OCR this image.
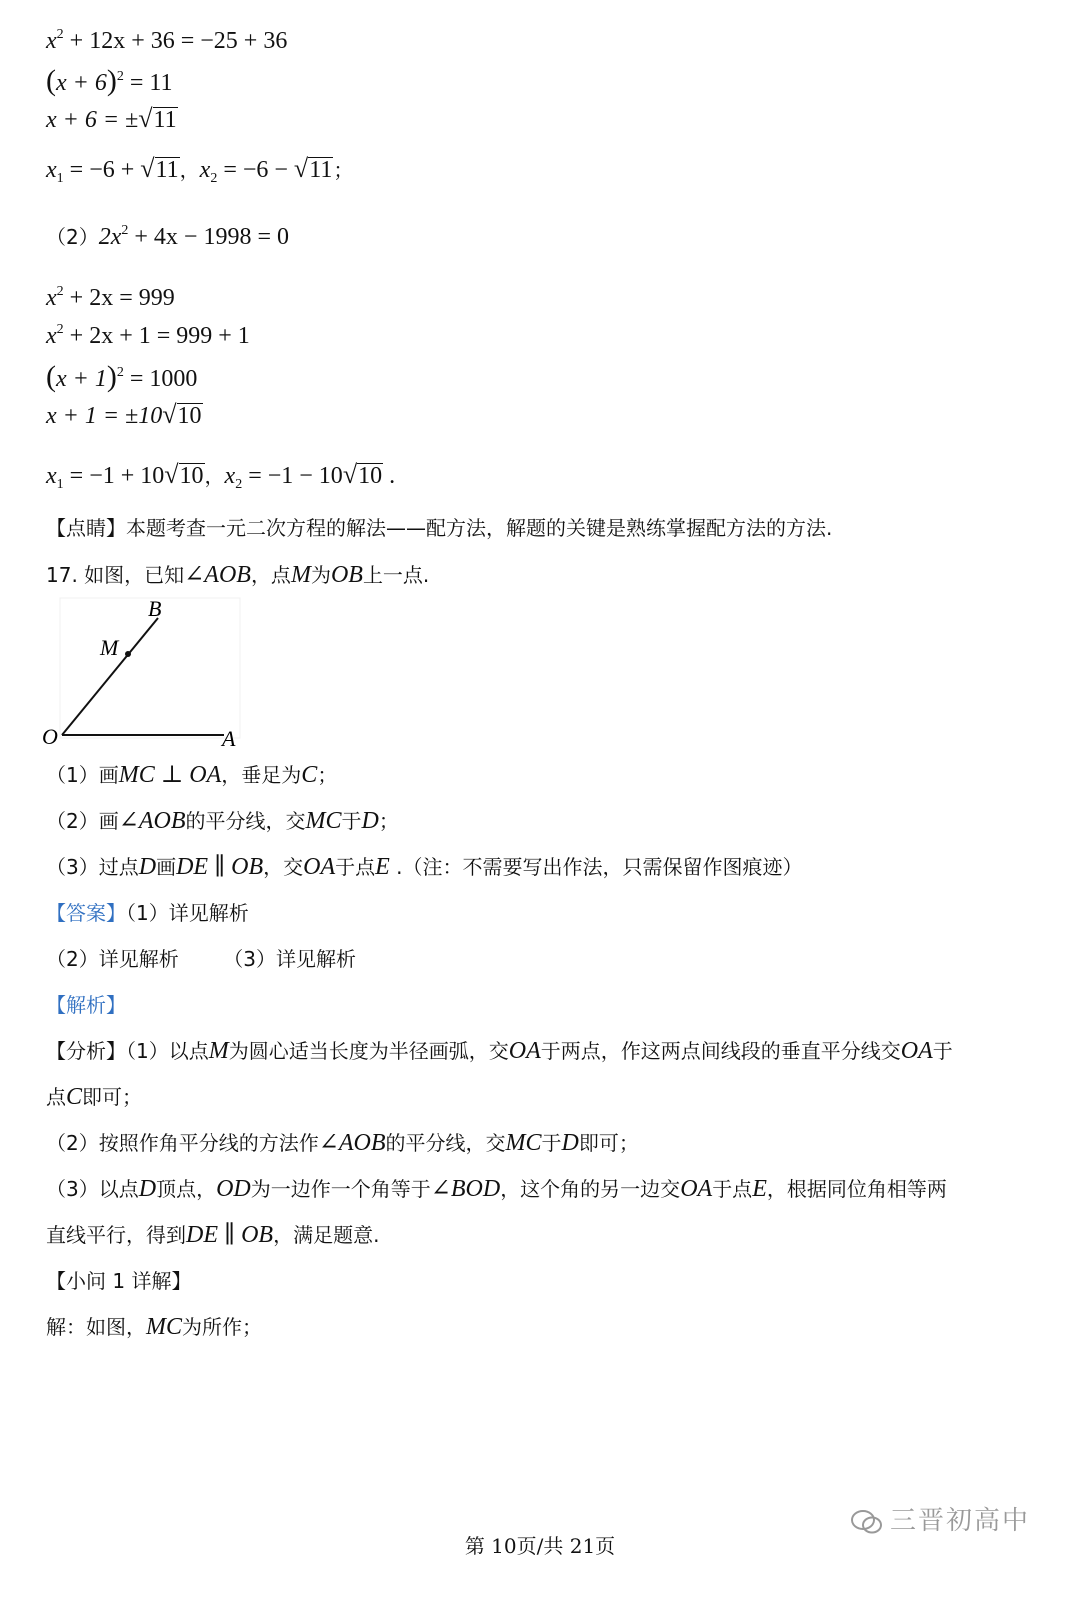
$x^2 + 12x + 36 = -25 + 36$
$(x + 6)^2 = 11$
x + 6 = ±√11
$x_1 = -6 + √11$，$x_2 = -6 - √11$；
$(2)2x^2 + 4x - 1998 = 0$
$x^2 + 2x = 999$
$x^2 + 2x + 1 = 999 + 1$
$(x + 1)^2 = 1000$
x + 1 = ±10√10
$x_1 = -1 + 10√10$，$x_2 = -1 - 10√10$ .
【点睛】本题考查一元二次方程的解法——配方法，解题的关键是熟练掌握配方法的方法.
17. 如图，已知∠AOB，点M为OB上一点.
B
M
O	A
（1）画MC ⊥ OA，垂足为C；
（2）画∠AOB的平分线，交MC于D；
（3）过点D画DE ∥ OB，交OA于点E .（注：不需要写出作法，只需保留作图痕迹）
【答案】（1）详见解析
（2）详见解析       （3）详见解析
【解析】
【分析】（1）以点M为圆心适当长度为半径画弧，交OA于两点，作这两点间线段的垂直平分线交OA于
点C即可；
（2）按照作角平分线的方法作∠AOB的平分线，交MC于D即可；
（3）以点D顶点，OD为一边作一个角等于∠BOD，这个角的另一边交OA于点E，根据同位角相等两
直线平行，得到DE ∥ OB，满足题意.
【小问 1 详解】
解：如图，MC为所作；
三晋初高中
第 10页/共 21页
